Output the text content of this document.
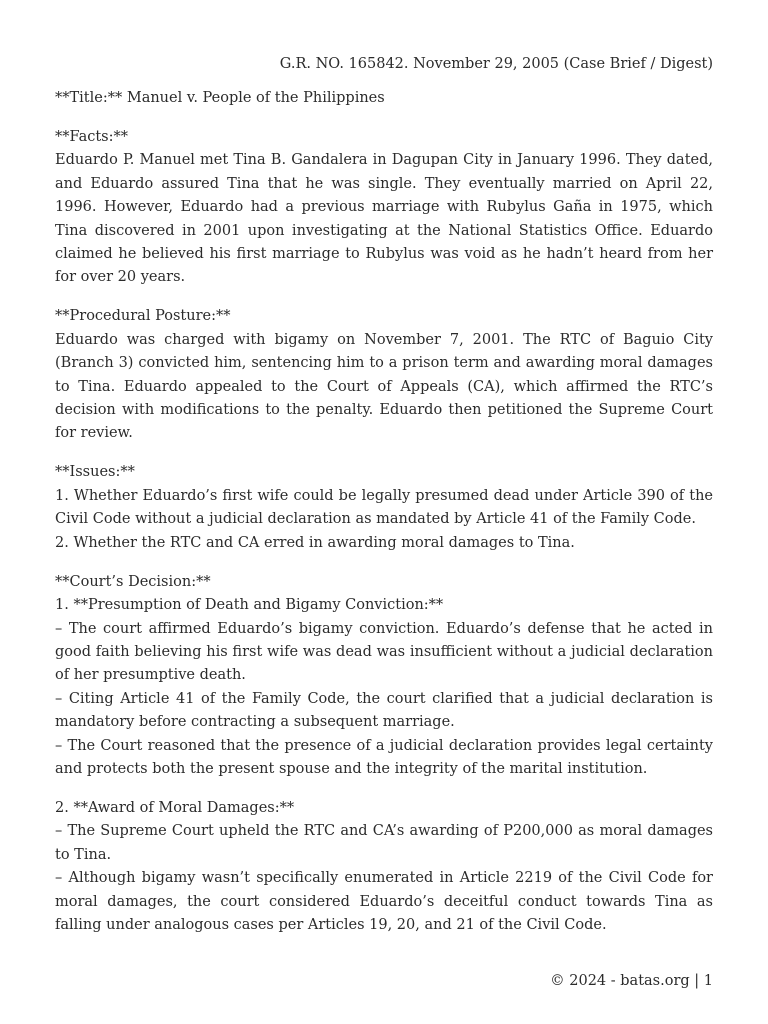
G.R. NO. 165842. November 29, 2005 (Case Brief / Digest)

**Title:** Manuel v. People of the Philippines

**Facts:**
Eduardo P. Manuel met Tina B. Gandalera in Dagupan City in January 1996. They dated, and Eduardo assured Tina that he was single. They eventually married on April 22, 1996. However, Eduardo had a previous marriage with Rubylus Gaña in 1975, which Tina discovered in 2001 upon investigating at the National Statistics Office. Eduardo claimed he believed his first marriage to Rubylus was void as he hadn’t heard from her for over 20 years.

**Procedural Posture:**
Eduardo was charged with bigamy on November 7, 2001. The RTC of Baguio City (Branch 3) convicted him, sentencing him to a prison term and awarding moral damages to Tina. Eduardo appealed to the Court of Appeals (CA), which affirmed the RTC’s decision with modifications to the penalty. Eduardo then petitioned the Supreme Court for review.

**Issues:**
1. Whether Eduardo’s first wife could be legally presumed dead under Article 390 of the Civil Code without a judicial declaration as mandated by Article 41 of the Family Code.
2. Whether the RTC and CA erred in awarding moral damages to Tina.

**Court’s Decision:**
1. **Presumption of Death and Bigamy Conviction:**
– The court affirmed Eduardo’s bigamy conviction. Eduardo’s defense that he acted in good faith believing his first wife was dead was insufficient without a judicial declaration of her presumptive death.
– Citing Article 41 of the Family Code, the court clarified that a judicial declaration is mandatory before contracting a subsequent marriage.
– The Court reasoned that the presence of a judicial declaration provides legal certainty and protects both the present spouse and the integrity of the marital institution.

2. **Award of Moral Damages:**
– The Supreme Court upheld the RTC and CA’s awarding of P200,000 as moral damages to Tina.
– Although bigamy wasn’t specifically enumerated in Article 2219 of the Civil Code for moral damages, the court considered Eduardo’s deceitful conduct towards Tina as falling under analogous cases per Articles 19, 20, and 21 of the Civil Code.

© 2024 - batas.org | 1
